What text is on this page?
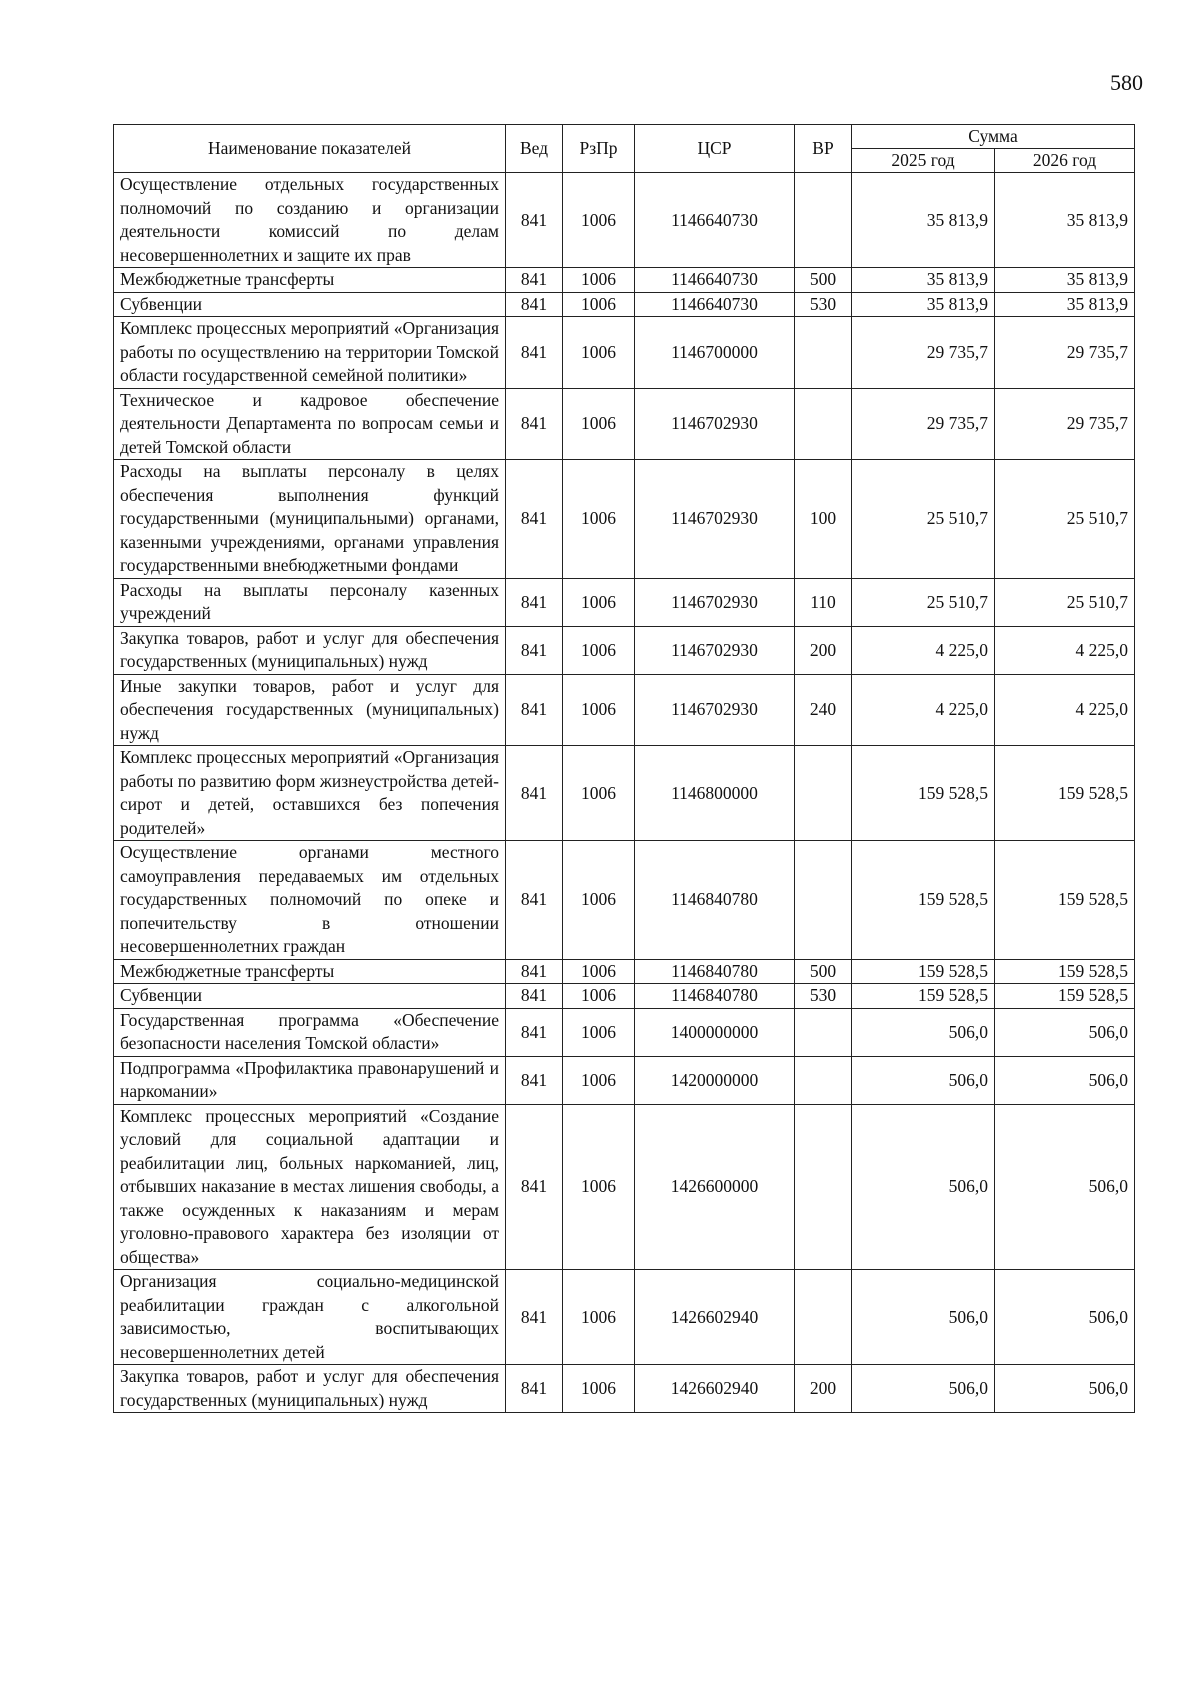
580
Наименование показателей	Вед	РзПр	ЦСР	ВР	Сумма	
					2025 год	2026 год
Осуществление отдельных государственных полномочий по созданию и организации деятельности комиссий по делам несовершеннолетних и защите их прав	841	1006	1146640730		35 813,9	35 813,9
Межбюджетные трансферты	841	1006	1146640730	500	35 813,9	35 813,9
Субвенции	841	1006	1146640730	530	35 813,9	35 813,9
Комплекс процессных мероприятий «Организация работы по осуществлению на территории Томской области государственной семейной политики»	841	1006	1146700000		29 735,7	29 735,7
Техническое и кадровое обеспечение деятельности Департамента по вопросам семьи и детей Томской области	841	1006	1146702930		29 735,7	29 735,7
Расходы на выплаты персоналу в целях обеспечения выполнения функций государственными (муниципальными) органами, казенными учреждениями, органами управления государственными внебюджетными фондами	841	1006	1146702930	100	25 510,7	25 510,7
Расходы на выплаты персоналу казенных учреждений	841	1006	1146702930	110	25 510,7	25 510,7
Закупка товаров, работ и услуг для обеспечения государственных (муниципальных) нужд	841	1006	1146702930	200	4 225,0	4 225,0
Иные закупки товаров, работ и услуг для обеспечения государственных (муниципальных) нужд	841	1006	1146702930	240	4 225,0	4 225,0
Комплекс процессных мероприятий «Организация работы по развитию форм жизнеустройства детей-сирот и детей, оставшихся без попечения родителей»	841	1006	1146800000		159 528,5	159 528,5
Осуществление органами местного самоуправления передаваемых им отдельных государственных полномочий по опеке и попечительству в отношении несовершеннолетних граждан	841	1006	1146840780		159 528,5	159 528,5
Межбюджетные трансферты	841	1006	1146840780	500	159 528,5	159 528,5
Субвенции	841	1006	1146840780	530	159 528,5	159 528,5
Государственная программа «Обеспечение безопасности населения Томской области»	841	1006	1400000000		506,0	506,0
Подпрограмма «Профилактика правонарушений и наркомании»	841	1006	1420000000		506,0	506,0
Комплекс процессных мероприятий «Создание условий для социальной адаптации и реабилитации лиц, больных наркоманией, лиц, отбывших наказание в местах лишения свободы, а также осужденных к наказаниям и мерам уголовно-правового характера без изоляции от общества»	841	1006	1426600000		506,0	506,0
Организация социально-медицинской реабилитации граждан с алкогольной зависимостью, воспитывающих несовершеннолетних детей	841	1006	1426602940		506,0	506,0
Закупка товаров, работ и услуг для обеспечения государственных (муниципальных) нужд	841	1006	1426602940	200	506,0	506,0
